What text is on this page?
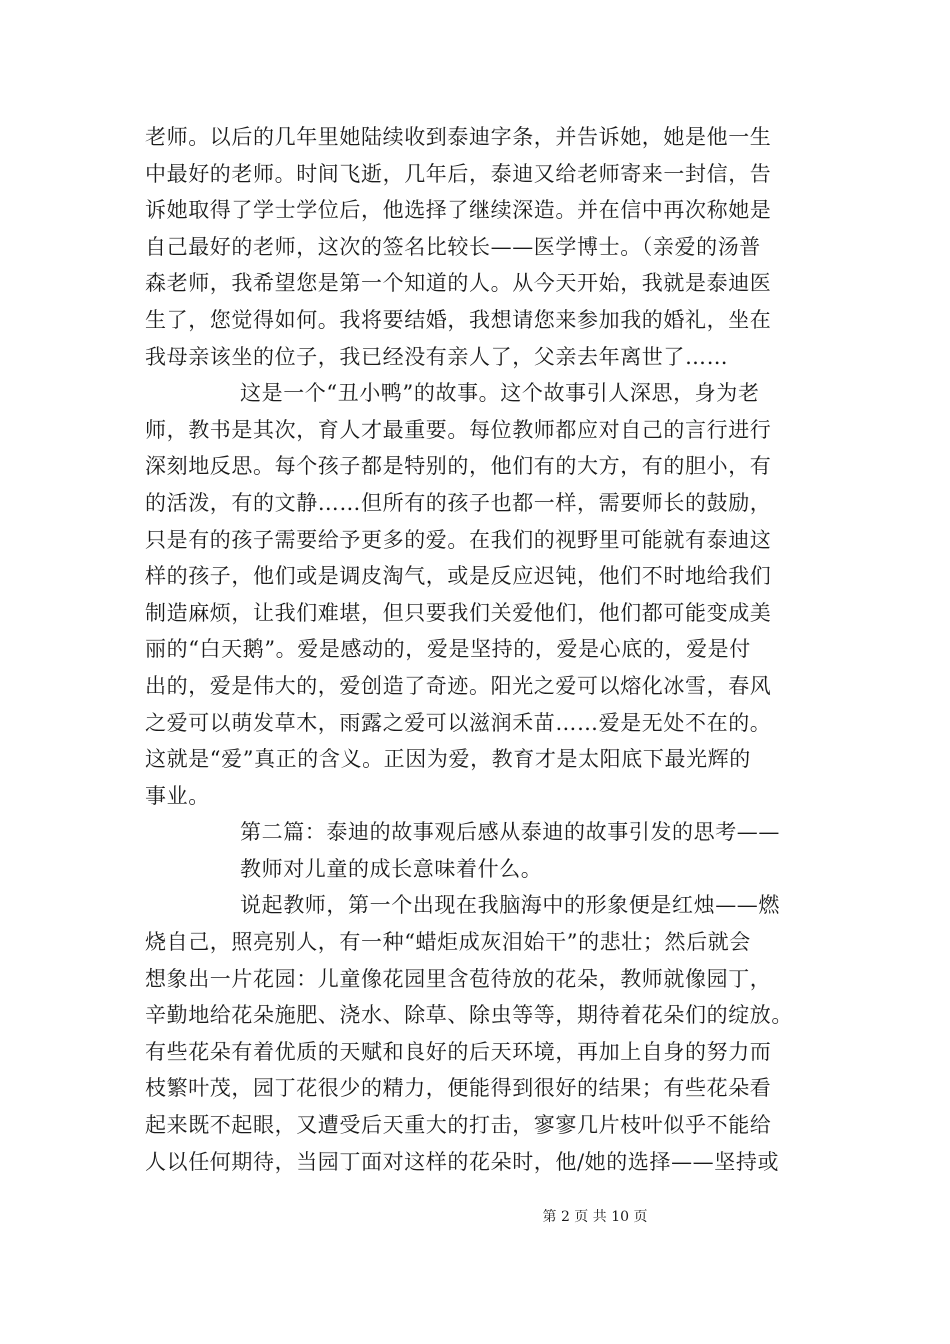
老师。以后的几年里她陆续收到泰迪字条，并告诉她，她是他一生
中最好的老师。时间飞逝，几年后，泰迪又给老师寄来一封信，告
诉她取得了学士学位后，他选择了继续深造。并在信中再次称她是
自己最好的老师，这次的签名比较长——医学博士。（亲爱的汤普
森老师，我希望您是第一个知道的人。从今天开始，我就是泰迪医
生了，您觉得如何。我将要结婚，我想请您来参加我的婚礼，坐在
我母亲该坐的位子，我已经没有亲人了，父亲去年离世了……
这是一个“丑小鸭”的故事。这个故事引人深思，身为老
师，教书是其次，育人才最重要。每位教师都应对自己的言行进行
深刻地反思。每个孩子都是特别的，他们有的大方，有的胆小，有
的活泼，有的文静……但所有的孩子也都一样，需要师长的鼓励，
只是有的孩子需要给予更多的爱。在我们的视野里可能就有泰迪这
样的孩子，他们或是调皮淘气，或是反应迟钝，他们不时地给我们
制造麻烦，让我们难堪，但只要我们关爱他们，他们都可能变成美
丽的“白天鹅”。爱是感动的，爱是坚持的，爱是心底的，爱是付
出的，爱是伟大的，爱创造了奇迹。阳光之爱可以熔化冰雪，春风
之爱可以萌发草木，雨露之爱可以滋润禾苗……爱是无处不在的。
这就是“爱”真正的含义。正因为爱，教育才是太阳底下最光辉的
事业。
第二篇：泰迪的故事观后感从泰迪的故事引发的思考——
教师对儿童的成长意味着什么。
说起教师，第一个出现在我脑海中的形象便是红烛——燃
烧自己，照亮别人，有一种“蜡炬成灰泪始干”的悲壮；然后就会
想象出一片花园：儿童像花园里含苞待放的花朵，教师就像园丁，
辛勤地给花朵施肥、浇水、除草、除虫等等，期待着花朵们的绽放。
有些花朵有着优质的天赋和良好的后天环境，再加上自身的努力而
枝繁叶茂，园丁花很少的精力，便能得到很好的结果；有些花朵看
起来既不起眼，又遭受后天重大的打击，寥寥几片枝叶似乎不能给
人以任何期待，当园丁面对这样的花朵时，他/她的选择——坚持或
第 2 页 共 10 页
